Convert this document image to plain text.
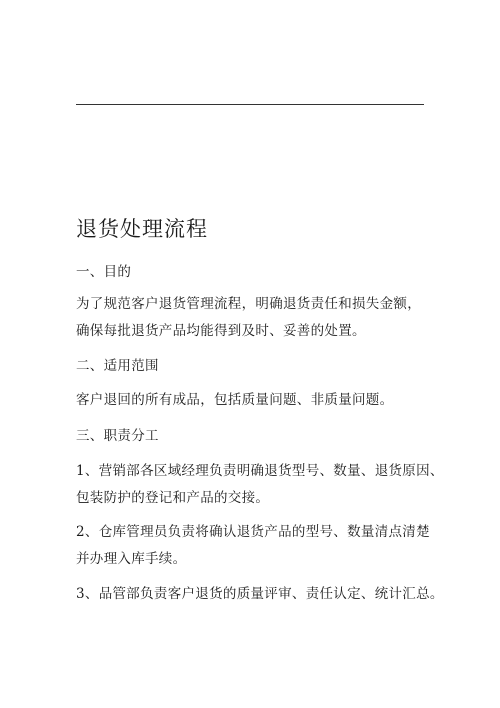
退货处理流程
一、目的
为了规范客户退货管理流程，明确退货责任和损失金额，
确保每批退货产品均能得到及时、妥善的处置。
二、适用范围
客户退回的所有成品，包括质量问题、非质量问题。
三、职责分工
1、营销部各区域经理负责明确退货型号、数量、退货原因、
包装防护的登记和产品的交接。
2、仓库管理员负责将确认退货产品的型号、数量清点清楚
并办理入库手续。
3、品管部负责客户退货的质量评审、责任认定、统计汇总。
